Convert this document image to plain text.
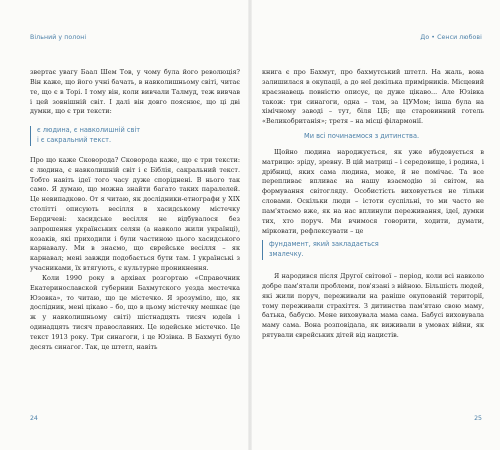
Вільний у полоні

звертає увагу Баал Шем Тов, у чому була його революція? Він каже, що його учні бачать, в навколишньому світі, читає те, що є в Торі. І тому він, коли вивчали Талмуд, теж вивчав і цей зовнішній світ. І далі він довго пояснює, що ці дві думки, що є три тексти:

є людина, є навколишній світ
і є сакральний текст.

Про що каже Сковорода? Сковорода каже, що є три тексти: є людина, є навколишній світ і є Біблія, сакральний текст. Тобто навіть ідеї того часу дуже споріднені. В нього так само. Я думаю, що можна знайти багато таких паралелей. Це невипадково. От я читаю, як дослідники-етнографи у XIX столітті описують весілля в хасидському містечку Бердичеві: хасидське весілля не відбувалося без запрошення українських селян (а навколо жили українці), козаків, які приходили і були частиною цього хасидського карнавалу. Ми в знаємо, що єврейське весілля – як карнавал; мені завжди подобається бути там. І українські з учасниками, їх втягують, є культурне проникнення.

Коли 1990 року в архівах розгортаю «Справочник Екатеринославской губернии Бахмутского уезда местечка Юзовка», то читаю, що це містечко. Я зрозуміло, що, як дослідник, мені цікаво – бо, що в цьому містечку мешкає (це ж у навколишньому світі) шістнадцять тисяч юдеїв і одинадцять тисяч православних. Це юдейське містечко. Це текст 1913 року. Три синагоги, і це Юзівка. В Бахмуті було десять синагог. Так, це штетл, навіть

24
До • Сенси любові

книга є про Бахмут, про бахмутський штетл. На жаль, вона залишилася в окупації, а до неї декілька примірників. Місцевий краєзнавець повністю описує, це дуже цікаво... Але Юзівка також: три синагоги, одна – там, за ЦУМом; інша була на хімічному заводі – тут, біля ЦБ; ще старовинний готель «Великобританія»; третя – на місці філармонії.

Ми всі починаємося з дитинства.

Щойно людина народжується, як уже вбудовується в матрицю: зріду, зревну. В цій матриці – і середовище, і родина, і дрібниці, яких сама людина, може, й не помічає. Та все перепливає впливає на нашу взаємодію зі світом, на формування світогляду. Особистість виховується не тільки словами. Оскільки люди – істоти суспільні, то ми часто не пам'ятаємо вже, як на нас вплинули переживання, ідеї, думки тих, хто поруч. Ми вчимося говорити, ходити, думати, мірковати, рефлексувати – це

фундамент, який закладається
змалечку.

Я народився після Другої світової – період, коли всі навколо добре пам'ятали проблеми, пов'язані з війною. Більшість людей, які жили поруч, переживали на раніше окупованій території, тому переживали страхіття. З дитинства пам'ятаю свою маму, батька, бабусю. Мене виховувала мама сама. Бабусі виховувала маму сама. Вона розповідала, як виживали в умовах війни, як рятували єврейських дітей від нацистів.

25
